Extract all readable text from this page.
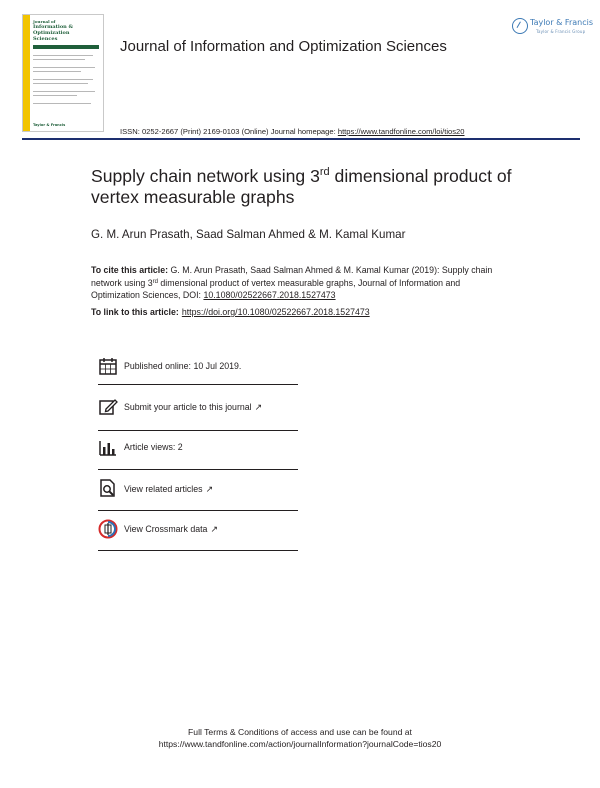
Journal of
Information &
Optimization
Sciences
Taylor & Francis
Taylor & Francis
Taylor & Francis Group
Journal of Information and Optimization Sciences
ISSN: 0252-2667 (Print) 2169-0103 (Online) Journal homepage: https://www.tandfonline.com/loi/tios20
Supply chain network using 3rd dimensional product of vertex measurable graphs
G. M. Arun Prasath, Saad Salman Ahmed & M. Kamal Kumar
To cite this article: G. M. Arun Prasath, Saad Salman Ahmed & M. Kamal Kumar (2019): Supply chain network using 3rd dimensional product of vertex measurable graphs, Journal of Information and Optimization Sciences, DOI: 10.1080/02522667.2018.1527473
To link to this article: https://doi.org/10.1080/02522667.2018.1527473
Published online: 10 Jul 2019.
Submit your article to this journal ↗
Article views: 2
View related articles ↗
View Crossmark data ↗
Full Terms & Conditions of access and use can be found at
https://www.tandfonline.com/action/journalInformation?journalCode=tios20
